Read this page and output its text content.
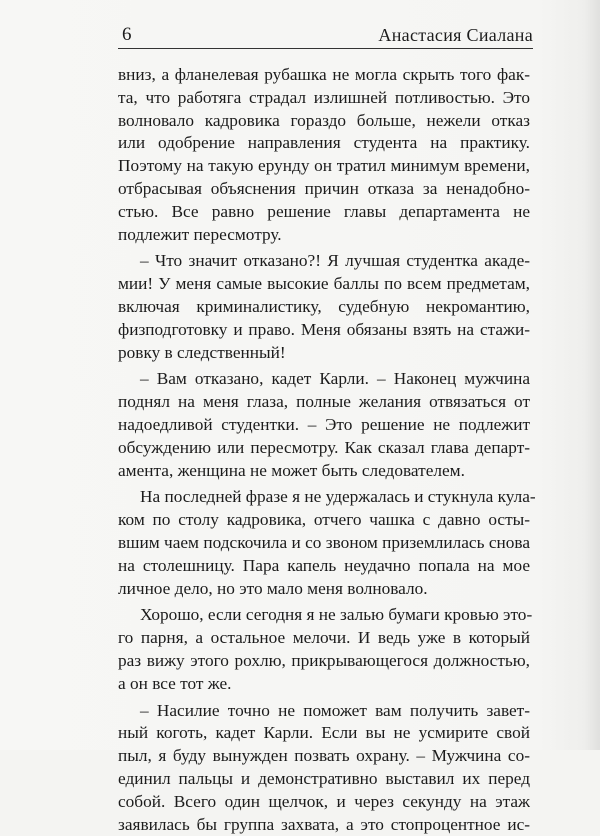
6	Анастасия Сиалана
вниз, а фланелевая рубашка не могла скрыть того фак-
та, что работяга страдал излишней потливостью. Это
волновало кадровика гораздо больше, нежели отказ
или одобрение направления студента на практику.
Поэтому на такую ерунду он тратил минимум времени,
отбрасывая объяснения причин отказа за ненадобно-
стью. Все равно решение главы департамента не
подлежит пересмотру.
– Что значит отказано?! Я лучшая студентка акаде-
мии! У меня самые высокие баллы по всем предметам,
включая криминалистику, судебную некромантию,
физподготовку и право. Меня обязаны взять на стажи-
ровку в следственный!
– Вам отказано, кадет Карли. – Наконец мужчина
поднял на меня глаза, полные желания отвязаться от
надоедливой студентки. – Это решение не подлежит
обсуждению или пересмотру. Как сказал глава департ-
амента, женщина не может быть следователем.
На последней фразе я не удержалась и стукнула кула-
ком по столу кадровика, отчего чашка с давно осты-
вшим чаем подскочила и со звоном приземлилась снова
на столешницу. Пара капель неудачно попала на мое
личное дело, но это мало меня волновало.
Хорошо, если сегодня я не залью бумаги кровью это-
го парня, а остальное мелочи. И ведь уже в который
раз вижу этого рохлю, прикрывающегося должностью,
а он все тот же.
– Насилие точно не поможет вам получить завет-
ный коготь, кадет Карли. Если вы не усмирите свой
пыл, я буду вынужден позвать охрану. – Мужчина со-
единил пальцы и демонстративно выставил их перед
собой. Всего один щелчок, и через секунду на этаж
заявилась бы группа захвата, а это стопроцентное ис-
